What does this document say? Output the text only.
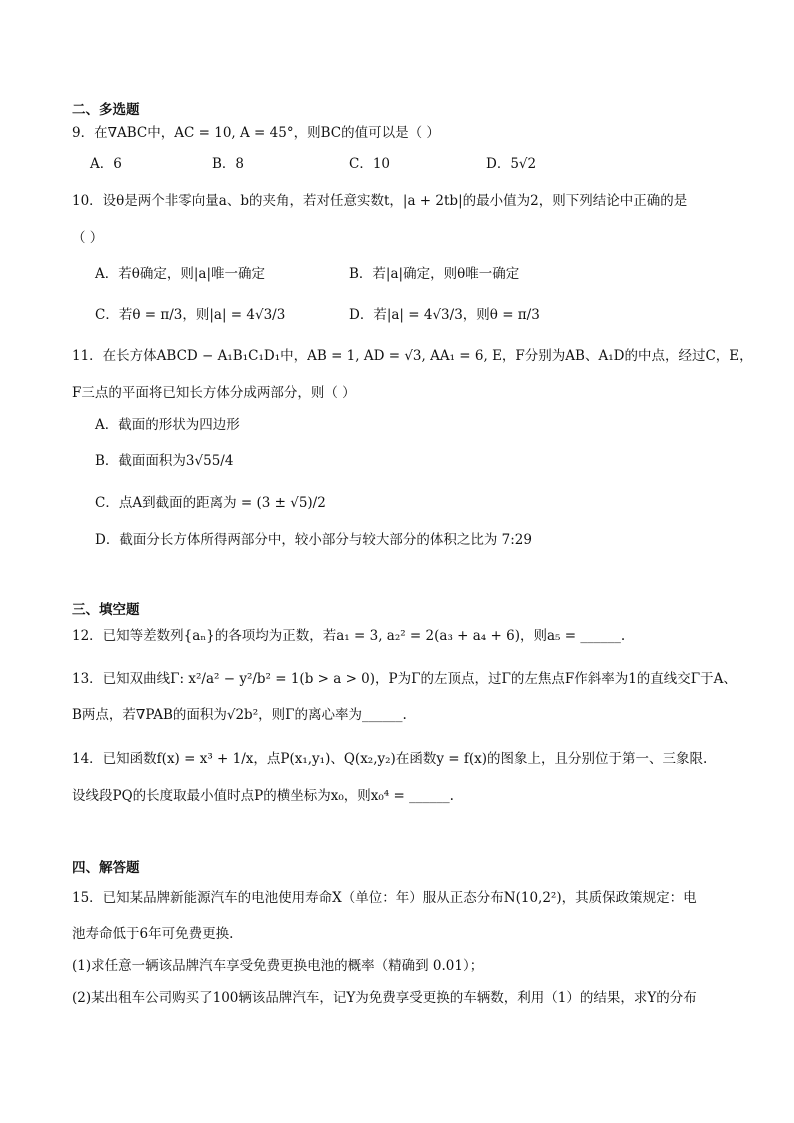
二、多选题
9．在∇ABC中，AC = 10, A = 45°，则BC的值可以是（ ）
A．6	B．8	C．10	D．5√2
10．设θ是两个非零向量a、b的夹角，若对任意实数t，|a + 2tb|的最小值为2，则下列结论中正确的是
（ ）
A．若θ确定，则|a|唯一确定	B．若|a|确定，则θ唯一确定
C．若θ = π/3，则|a| = 4√3/3	D．若|a| = 4√3/3，则θ = π/3
11．在长方体ABCD − A₁B₁C₁D₁中，AB = 1, AD = √3, AA₁ = 6, E，F分别为AB、A₁D的中点，经过C，E，
F三点的平面将已知长方体分成两部分，则（ ）
A．截面的形状为四边形
B．截面面积为3√55/4
C．点A到截面的距离为 = (3 ± √5)/2
D．截面分长方体所得两部分中，较小部分与较大部分的体积之比为 7:29
三、填空题
12．已知等差数列{aₙ}的各项均为正数，若a₁ = 3, a₂² = 2(a₃ + a₄ + 6)，则a₅ = ______.
13．已知双曲线Γ: x²/a² − y²/b² = 1(b > a > 0)，P为Γ的左顶点，过Γ的左焦点F作斜率为1的直线交Γ于A、
B两点，若∇PAB的面积为√2b²，则Γ的离心率为______.
14．已知函数f(x) = x³ + 1/x，点P(x₁,y₁)、Q(x₂,y₂)在函数y = f(x)的图象上，且分别位于第一、三象限.
设线段PQ的长度取最小值时点P的横坐标为x₀，则x₀⁴ = ______.
四、解答题
15．已知某品牌新能源汽车的电池使用寿命X（单位：年）服从正态分布N(10,2²)，其质保政策规定：电
池寿命低于6年可免费更换.
(1)求任意一辆该品牌汽车享受免费更换电池的概率（精确到 0.01）；
(2)某出租车公司购买了100辆该品牌汽车，记Y为免费享受更换的车辆数，利用（1）的结果，求Y的分布
